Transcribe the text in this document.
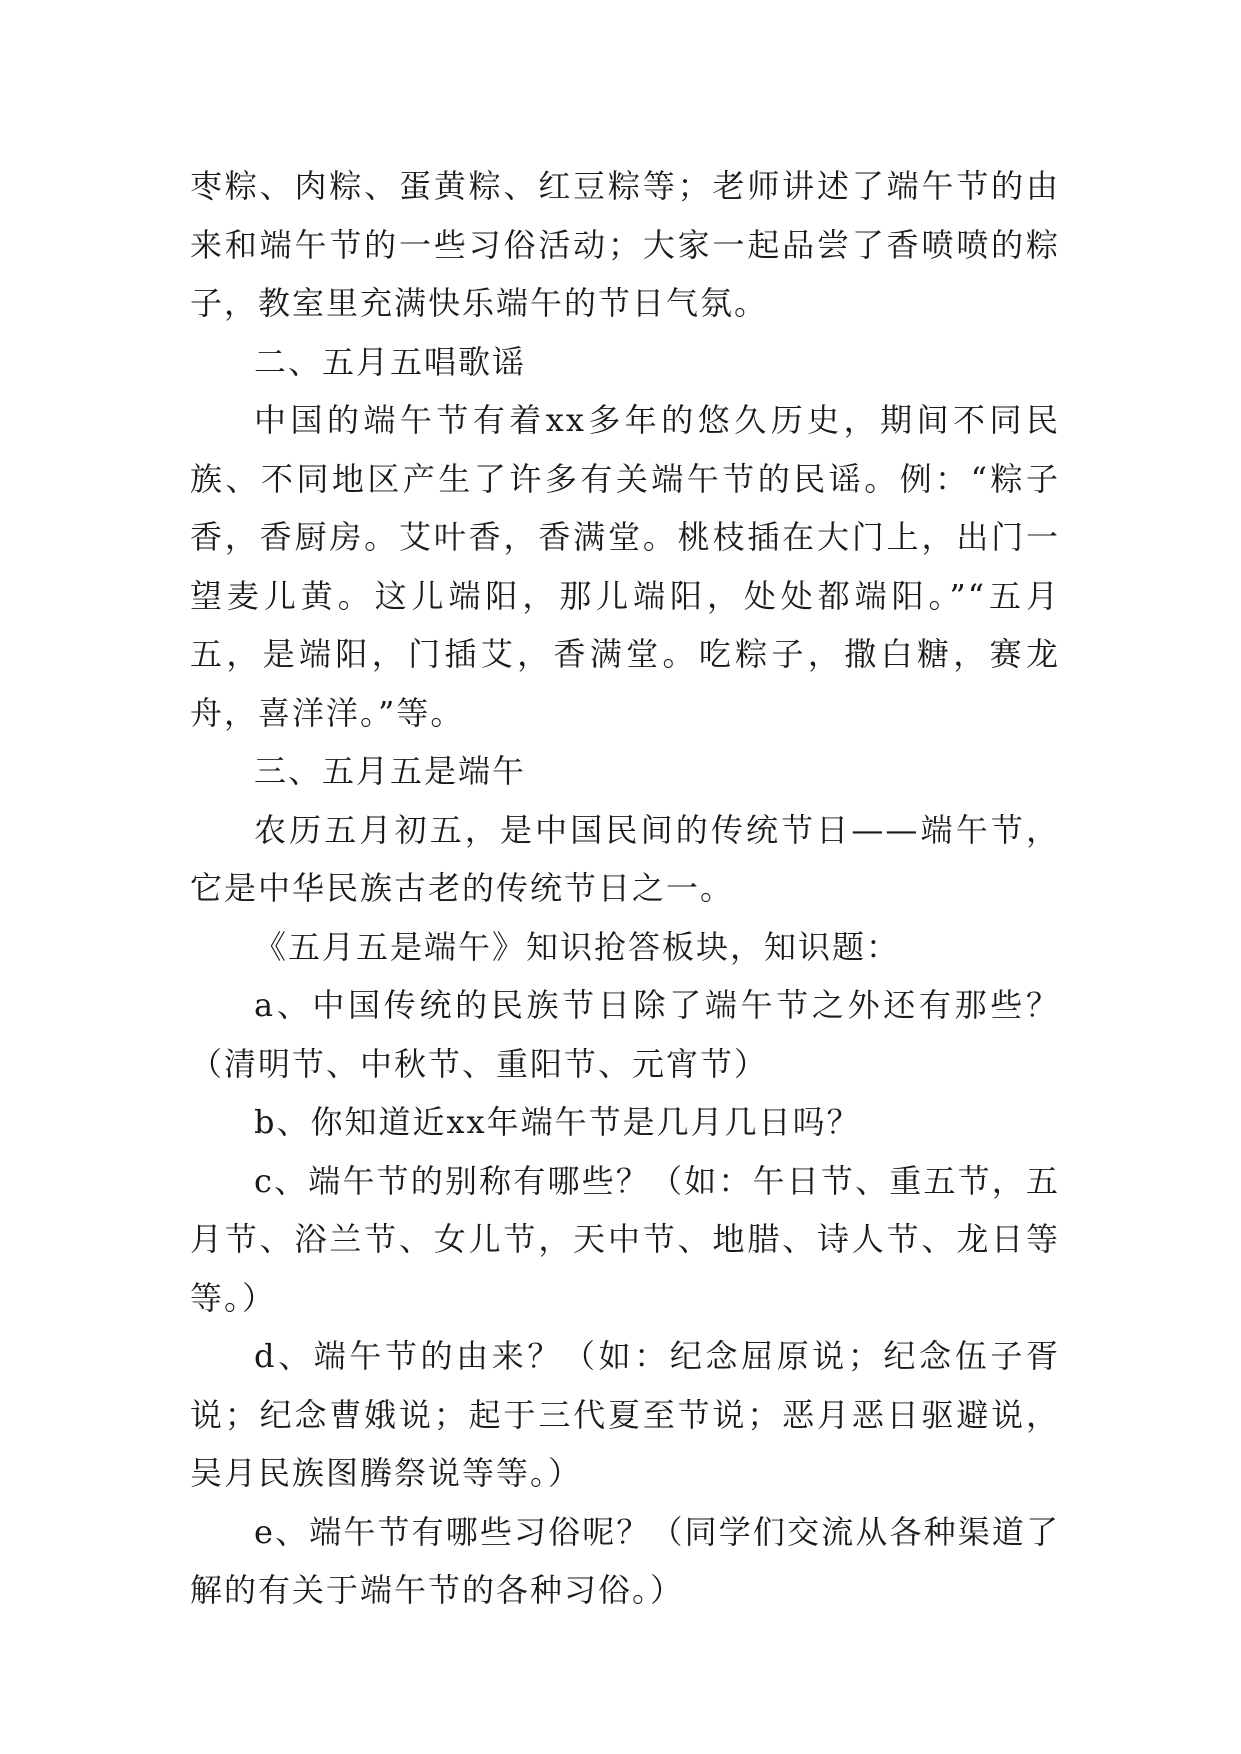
枣粽、肉粽、蛋黄粽、红豆粽等；老师讲述了端午节的由来和端午节的一些习俗活动；大家一起品尝了香喷喷的粽子，教室里充满快乐端午的节日气氛。

二、五月五唱歌谣

中国的端午节有着xx多年的悠久历史，期间不同民族、不同地区产生了许多有关端午节的民谣。例：“粽子香，香厨房。艾叶香，香满堂。桃枝插在大门上，出门一望麦儿黄。这儿端阳，那儿端阳，处处都端阳。”“五月五，是端阳，门插艾，香满堂。吃粽子，撒白糖，赛龙舟，喜洋洋。”等。

三、五月五是端午

农历五月初五，是中国民间的传统节日——端午节，它是中华民族古老的传统节日之一。

《五月五是端午》知识抢答板块，知识题：

a、中国传统的民族节日除了端午节之外还有那些？（清明节、中秋节、重阳节、元宵节）

b、你知道近xx年端午节是几月几日吗？

c、端午节的别称有哪些？（如：午日节、重五节，五月节、浴兰节、女儿节，天中节、地腊、诗人节、龙日等等。）

d、端午节的由来？（如：纪念屈原说；纪念伍子胥说；纪念曹娥说；起于三代夏至节说；恶月恶日驱避说，吴月民族图腾祭说等等。）

e、端午节有哪些习俗呢？（同学们交流从各种渠道了解的有关于端午节的各种习俗。）
